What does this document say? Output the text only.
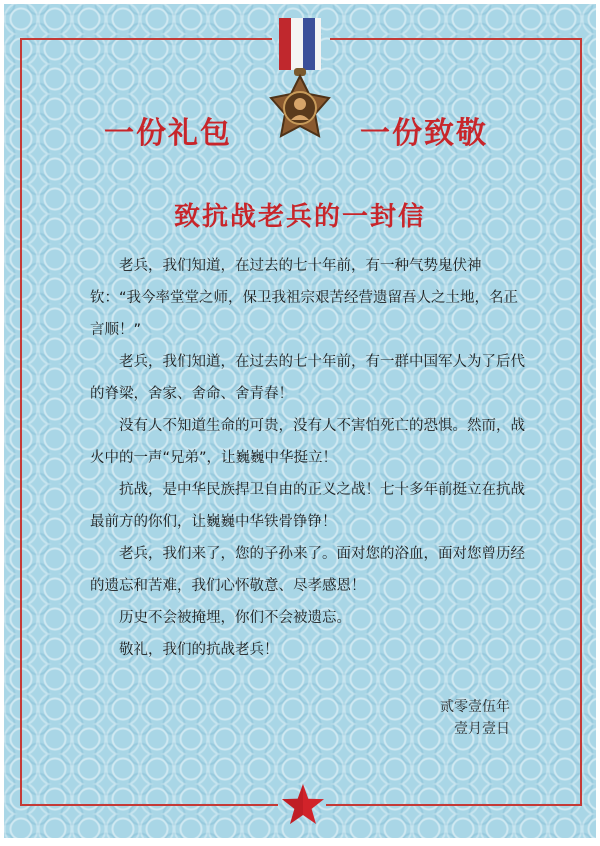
一份礼包	一份致敬
致抗战老兵的一封信

老兵，我们知道，在过去的七十年前，有一种气势鬼伏神钦：“我今率堂堂之师，保卫我祖宗艰苦经营遗留吾人之土地，名正言顺！”

老兵，我们知道，在过去的七十年前，有一群中国军人为了后代的脊梁，舍家、舍命、舍青春！

没有人不知道生命的可贵，没有人不害怕死亡的恐惧。然而，战火中的一声“兄弟”，让巍巍中华挺立！

抗战，是中华民族捍卫自由的正义之战！七十多年前挺立在抗战最前方的你们，让巍巍中华铁骨铮铮！

老兵，我们来了，您的子孙来了。面对您的浴血，面对您曾历经的遗忘和苦难，我们心怀敬意、尽孝感恩！

历史不会被掩埋，你们不会被遗忘。

敬礼，我们的抗战老兵！

贰零壹伍年
壹月壹日
